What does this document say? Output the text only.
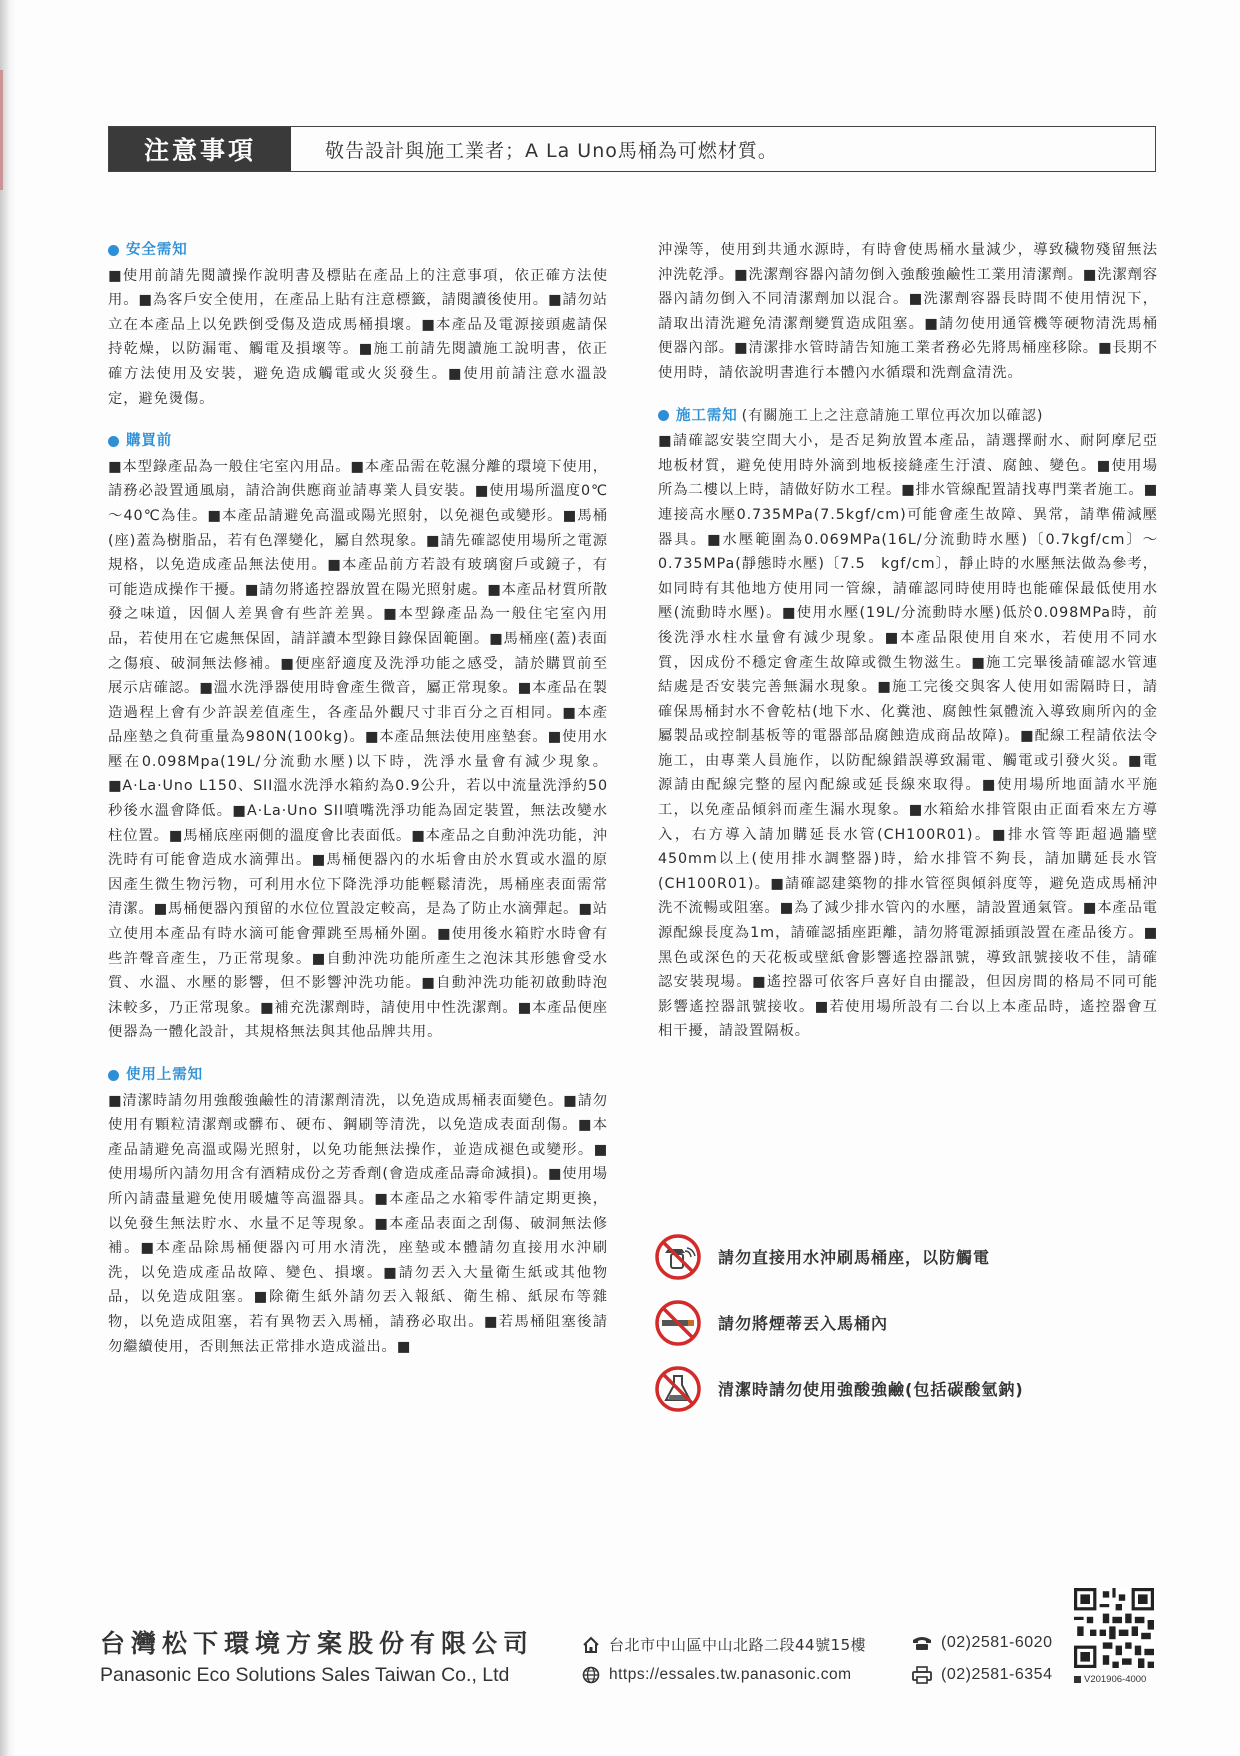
注意事項	敬告設計與施工業者；A La Uno馬桶為可燃材質。
安全需知

■使用前請先閱讀操作說明書及標貼在產品上的注意事項，依正確方法使用。■為客戶安全使用，在產品上貼有注意標籤，請閱讀後使用。■請勿站立在本產品上以免跌倒受傷及造成馬桶損壞。■本產品及電源接頭處請保持乾燥，以防漏電、觸電及損壞等。■施工前請先閱讀施工說明書，依正確方法使用及安裝，避免造成觸電或火災發生。■使用前請注意水溫設定，避免燙傷。

購買前

■本型錄產品為一般住宅室內用品。■本產品需在乾濕分離的環境下使用，請務必設置通風扇，請洽詢供應商並請專業人員安裝。■使用場所溫度0℃～40℃為佳。■本產品請避免高溫或陽光照射，以免褪色或變形。■馬桶(座)蓋為樹脂品，若有色澤變化，屬自然現象。■請先確認使用場所之電源規格，以免造成產品無法使用。■本產品前方若設有玻璃窗戶或鏡子，有可能造成操作干擾。■請勿將遙控器放置在陽光照射處。■本產品材質所散發之味道，因個人差異會有些許差異。■本型錄產品為一般住宅室內用品，若使用在它處無保固，請詳讀本型錄目錄保固範圍。■馬桶座(蓋)表面之傷痕、破洞無法修補。■便座舒適度及洗淨功能之感受，請於購買前至展示店確認。■溫水洗淨器使用時會產生微音，屬正常現象。■本產品在製造過程上會有少許誤差值產生，各產品外觀尺寸非百分之百相同。■本產品座墊之負荷重量為980N(100kg)。■本產品無法使用座墊套。■使用水壓在0.098Mpa(19L/分流動水壓)以下時，洗淨水量會有減少現象。■A·La·Uno L150、SII溫水洗淨水箱約為0.9公升，若以中流量洗淨約50秒後水溫會降低。■A·La·Uno SII噴嘴洗淨功能為固定裝置，無法改變水柱位置。■馬桶底座兩側的溫度會比表面低。■本產品之自動沖洗功能，沖洗時有可能會造成水滴彈出。■馬桶便器內的水垢會由於水質或水溫的原因產生微生物污物，可利用水位下降洗淨功能輕鬆清洗，馬桶座表面需常清潔。■馬桶便器內預留的水位位置設定較高，是為了防止水滴彈起。■站立使用本產品有時水滴可能會彈跳至馬桶外圍。■使用後水箱貯水時會有些許聲音產生，乃正常現象。■自動沖洗功能所產生之泡沫其形態會受水質、水溫、水壓的影響，但不影響沖洗功能。■自動沖洗功能初啟動時泡沫較多，乃正常現象。■補充洗潔劑時，請使用中性洗潔劑。■本產品便座便器為一體化設計，其規格無法與其他品牌共用。

使用上需知

■清潔時請勿用強酸強鹼性的清潔劑清洗，以免造成馬桶表面變色。■請勿使用有顆粒清潔劑或髒布、硬布、鋼刷等清洗，以免造成表面刮傷。■本產品請避免高溫或陽光照射，以免功能無法操作，並造成褪色或變形。■使用場所內請勿用含有酒精成份之芳香劑(會造成產品壽命減損)。■使用場所內請盡量避免使用暖爐等高溫器具。■本產品之水箱零件請定期更換，以免發生無法貯水、水量不足等現象。■本產品表面之刮傷、破洞無法修補。■本產品除馬桶便器內可用水清洗，座墊或本體請勿直接用水沖刷洗，以免造成產品故障、變色、損壞。■請勿丟入大量衛生紙或其他物品，以免造成阻塞。■除衛生紙外請勿丟入報紙、衛生棉、紙尿布等雜物，以免造成阻塞，若有異物丟入馬桶，請務必取出。■若馬桶阻塞後請勿繼續使用，否則無法正常排水造成溢出。■

沖澡等，使用到共通水源時，有時會使馬桶水量減少，導致穢物殘留無法沖洗乾淨。■洗潔劑容器內請勿倒入強酸強鹼性工業用清潔劑。■洗潔劑容器內請勿倒入不同清潔劑加以混合。■洗潔劑容器長時間不使用情況下，請取出清洗避免清潔劑變質造成阻塞。■請勿使用通管機等硬物清洗馬桶便器內部。■清潔排水管時請告知施工業者務必先將馬桶座移除。■長期不使用時，請依說明書進行本體內水循環和洗劑盒清洗。

施工需知 (有關施工上之注意請施工單位再次加以確認)

■請確認安裝空間大小，是否足夠放置本產品，請選擇耐水、耐阿摩尼亞地板材質，避免使用時外滴到地板接縫產生汙漬、腐蝕、變色。■使用場所為二樓以上時，請做好防水工程。■排水管線配置請找專門業者施工。■連接高水壓0.735MPa(7.5kgf/cm)可能會產生故障、異常，請準備減壓器具。■水壓範圍為0.069MPa(16L/分流動時水壓)〔0.7kgf/cm〕～0.735MPa(靜態時水壓)〔7.5　kgf/cm〕，靜止時的水壓無法做為參考，如同時有其他地方使用同一管線，請確認同時使用時也能確保最低使用水壓(流動時水壓)。■使用水壓(19L/分流動時水壓)低於0.098MPa時，前後洗淨水柱水量會有減少現象。■本產品限使用自來水，若使用不同水質，因成份不穩定會產生故障或微生物滋生。■施工完畢後請確認水管連結處是否安裝完善無漏水現象。■施工完後交與客人使用如需隔時日，請確保馬桶封水不會乾枯(地下水、化糞池、腐蝕性氣體流入導致廁所內的金屬製品或控制基板等的電器部品腐蝕造成商品故障)。■配線工程請依法令施工，由專業人員施作，以防配線錯誤導致漏電、觸電或引發火災。■電源請由配線完整的屋內配線或延長線來取得。■使用場所地面請水平施工，以免產品傾斜而產生漏水現象。■水箱給水排管限由正面看來左方導入，右方導入請加購延長水管(CH100R01)。■排水管等距超過牆壁450mm以上(使用排水調整器)時，給水排管不夠長，請加購延長水管(CH100R01)。■請確認建築物的排水管徑與傾斜度等，避免造成馬桶沖洗不流暢或阻塞。■為了減少排水管內的水壓，請設置通氣管。■本產品電源配線長度為1m，請確認插座距離，請勿將電源插頭設置在產品後方。■黑色或深色的天花板或壁紙會影響遙控器訊號，導致訊號接收不佳，請確認安裝現場。■遙控器可依客戶喜好自由擺設，但因房間的格局不同可能影響遙控器訊號接收。■若使用場所設有二台以上本產品時，遙控器會互相干擾，請設置隔板。

請勿直接用水沖刷馬桶座，以防觸電
請勿將煙蒂丟入馬桶內
清潔時請勿使用強酸強鹼(包括碳酸氫鈉)
台灣松下環境方案股份有限公司
Panasonic Eco Solutions Sales Taiwan Co., Ltd
台北市中山區中山北路二段44號15樓
https://essales.tw.panasonic.com
(02)2581-6020
(02)2581-6354	V201906-4000
